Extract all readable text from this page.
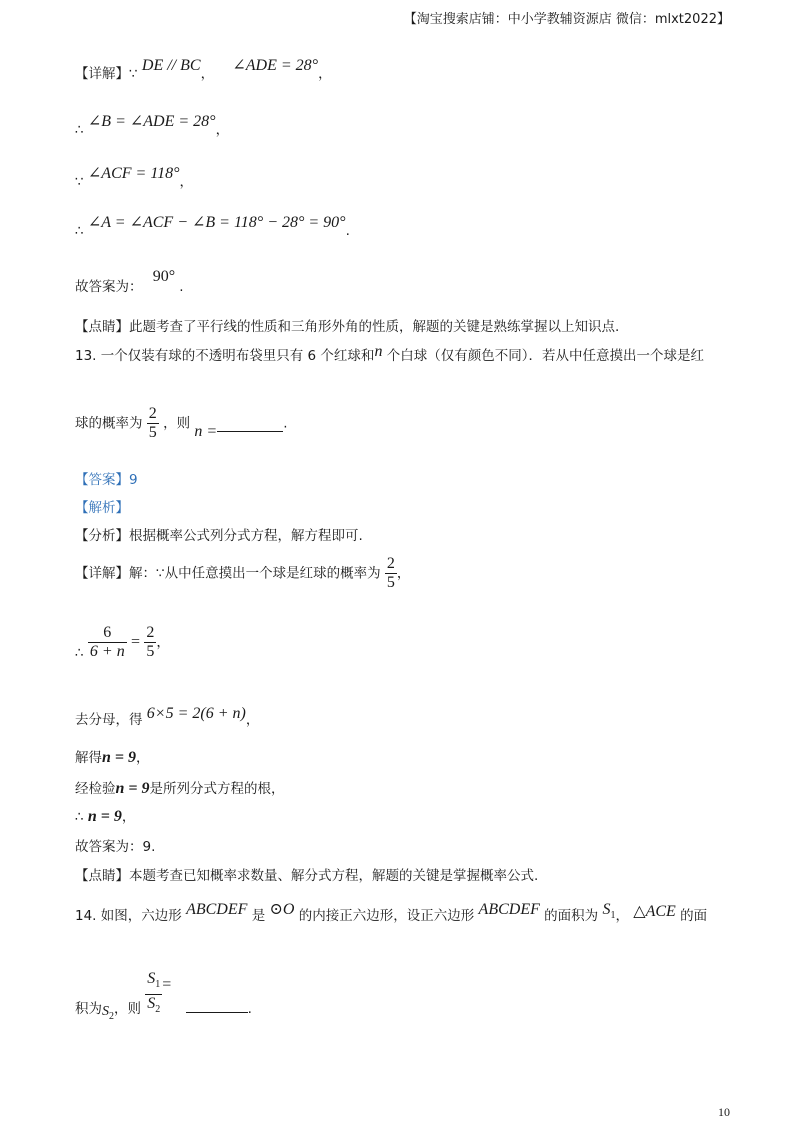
【淘宝搜索店铺：中小学教辅资源店 微信：mlxt2022】
【详解】∵ DE // BC， ∠ADE = 28°，
∴ ∠B = ∠ADE = 28°，
∵ ∠ACF = 118°，
∴ ∠A = ∠ACF − ∠B = 118° − 28° = 90°.
故答案为： 90°.
【点睛】此题考查了平行线的性质和三角形外角的性质，解题的关键是熟练掌握以上知识点.
13. 一个仅装有球的不透明布袋里只有 6 个红球和n 个白球（仅有颜色不同）．若从中任意摸出一个球是红
球的概率为 $\frac{2}{5}$ ，则 n =	.
【答案】9
【解析】
【分析】根据概率公式列分式方程，解方程即可.
【详解】解：∵从中任意摸出一个球是红球的概率为 $\frac{2}{5}$ ，
∴ $\frac{6}{6 + n} = \frac{2}{5}$ ，
去分母，得 6×5 = 2(6 + n)，
解得n = 9，
经检验n = 9是所列分式方程的根，
∴ n = 9，
故答案为：9.
【点睛】本题考查已知概率求数量、解分式方程，解题的关键是掌握概率公式.
14. 如图，六边形 ABCDEF 是 ⊙O 的内接正六边形，设正六边形 ABCDEF 的面积为 $S_1$， △ACE 的面
积为$S_2$，则 $\frac{S_1}{S_2}$ = .
10
